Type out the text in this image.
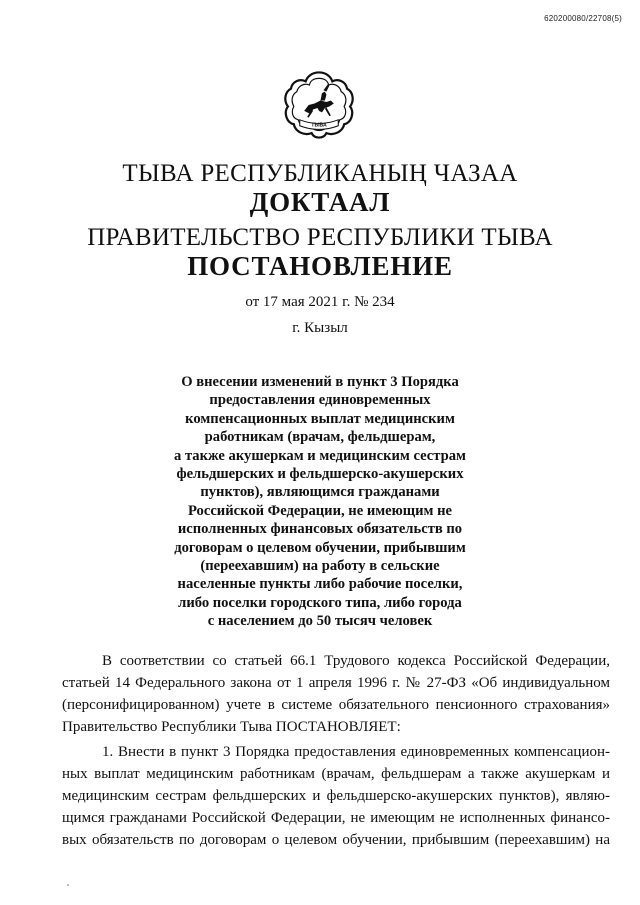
620200080/22708(5)
ТЫВА
ТЫВА РЕСПУБЛИКАНЫҢ ЧАЗАА
ДОКТААЛ
ПРАВИТЕЛЬСТВО РЕСПУБЛИКИ ТЫВА
ПОСТАНОВЛЕНИЕ
от 17 мая 2021 г. № 234
г. Кызыл
О внесении изменений в пункт 3 Порядка
предоставления единовременных
компенсационных выплат медицинским
работникам (врачам, фельдшерам,
а также акушеркам и медицинским сестрам
фельдшерских и фельдшерско-акушерских
пунктов), являющимся гражданами
Российской Федерации, не имеющим не
исполненных финансовых обязательств по
договорам о целевом обучении, прибывшим
(переехавшим) на работу в сельские
населенные пункты либо рабочие поселки,
либо поселки городского типа, либо города
с населением до 50 тысяч человек
В соответствии со статьей 66.1 Трудового кодекса Российской Федерации,
статьей 14 Федерального закона от 1 апреля 1996 г. № 27-ФЗ «Об индивидуальном
(персонифицированном) учете в системе обязательного пенсионного страхования»
Правительство Республики Тыва ПОСТАНОВЛЯЕТ:
1. Внести в пункт 3 Порядка предоставления единовременных компенсацион-
ных выплат медицинским работникам (врачам, фельдшерам а также акушеркам и
медицинским сестрам фельдшерских и фельдшерско-акушерских пунктов), являю-
щимся гражданами Российской Федерации, не имеющим не исполненных финансо-
вых обязательств по договорам о целевом обучении, прибывшим (переехавшим) на
